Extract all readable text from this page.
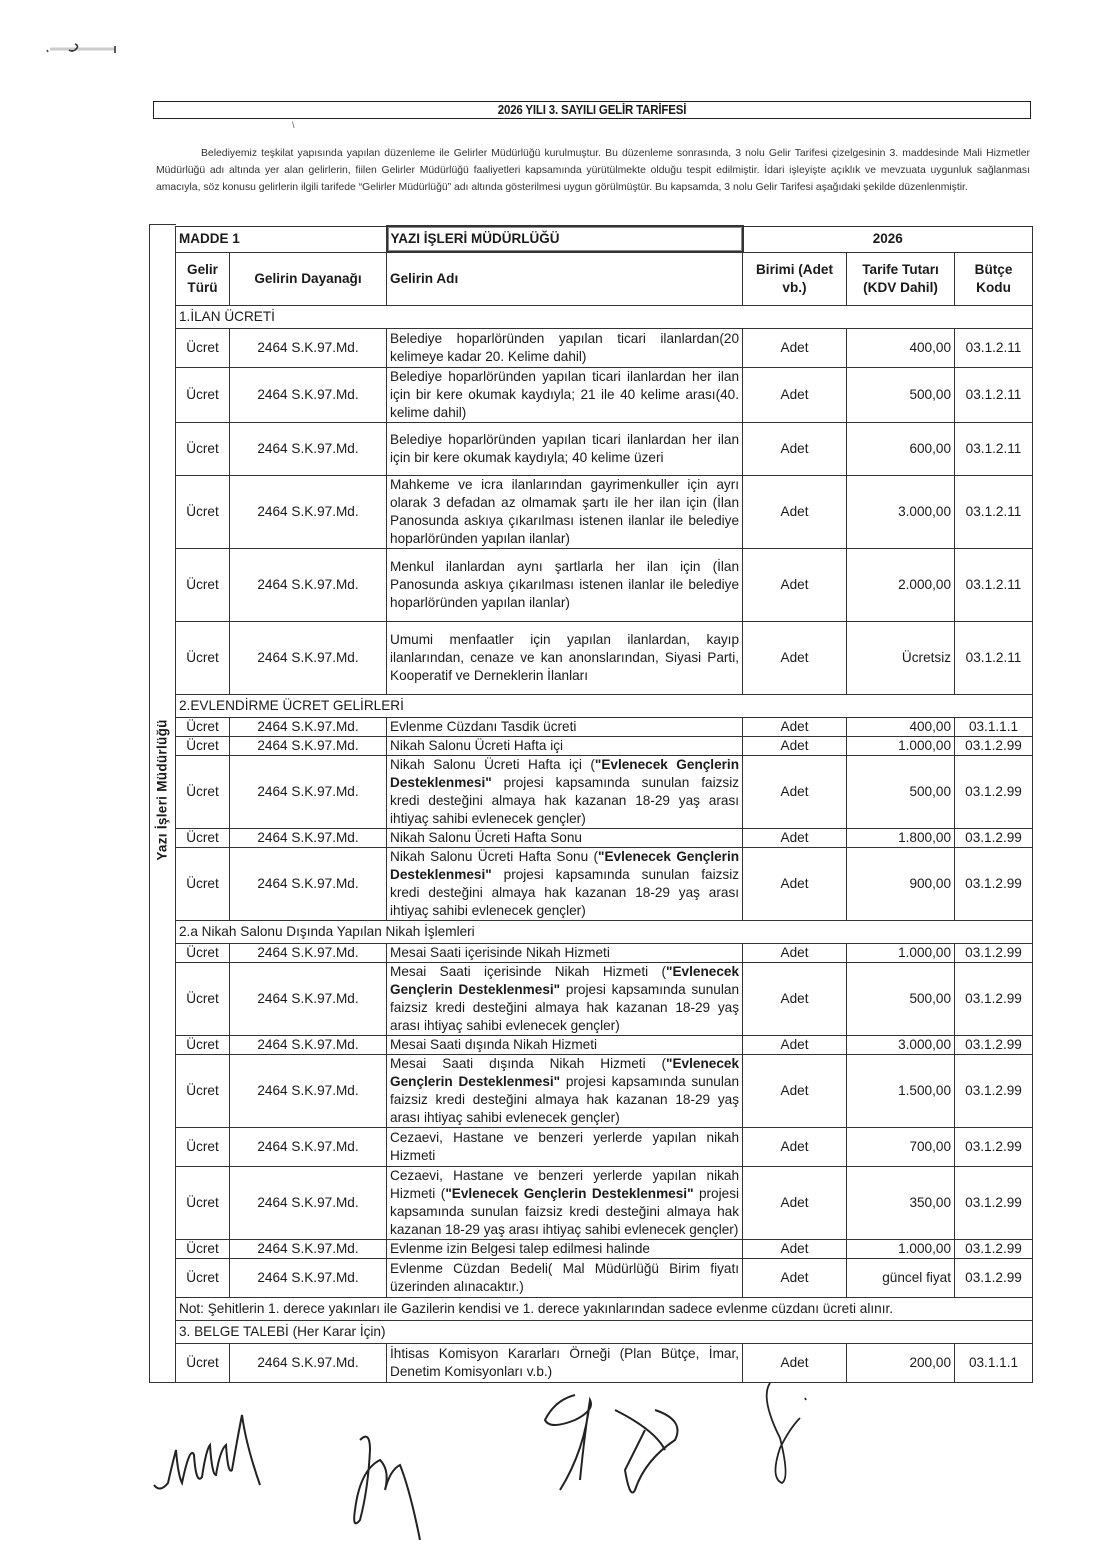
2026 YILI 3. SAYILI GELİR TARİFESİ
\

Belediyemiz teşkilat yapısında yapılan düzenleme ile Gelirler Müdürlüğü kurulmuştur. Bu düzenleme sonrasında, 3 nolu Gelir Tarifesi çizelgesinin 3. maddesinde Mali Hizmetler Müdürlüğü adı altında yer alan gelirlerin, fiilen Gelirler Müdürlüğü faaliyetleri kapsamında yürütülmekte olduğu tespit edilmiştir. İdari işleyişte açıklık ve mevzuata uygunluk sağlanması amacıyla, söz konusu gelirlerin ilgili tarifede “Gelirler Müdürlüğü” adı altında gösterilmesi uygun görülmüştür. Bu kapsamda, 3 nolu Gelir Tarifesi aşağıdaki şekilde düzenlenmiştir.

Yazı İşleri Müdürlüğü
MADDE 1		YAZI İŞLERİ MÜDÜRLÜĞÜ	2026		
Gelir Türü	Gelirin Dayanağı	Gelirin Adı	Birimi (Adet vb.)	Tarife Tutarı (KDV Dahil)	Bütçe Kodu
1.İLAN ÜCRETİ					
Ücret	2464 S.K.97.Md.	Belediye hoparlöründen yapılan ticari ilanlardan(20 kelimeye kadar 20. Kelime dahil)	Adet	400,00	03.1.2.11
Ücret	2464 S.K.97.Md.	Belediye hoparlöründen yapılan ticari ilanlardan her ilan için bir kere okumak kaydıyla; 21 ile 40 kelime arası(40. kelime dahil)	Adet	500,00	03.1.2.11
Ücret	2464 S.K.97.Md.	Belediye hoparlöründen yapılan ticari ilanlardan her ilan için bir kere okumak kaydıyla; 40 kelime üzeri	Adet	600,00	03.1.2.11
Ücret	2464 S.K.97.Md.	Mahkeme ve icra ilanlarından gayrimenkuller için ayrı olarak 3 defadan az olmamak şartı ile her ilan için (İlan Panosunda askıya çıkarılması istenen ilanlar ile belediye hoparlöründen yapılan ilanlar)	Adet	3.000,00	03.1.2.11
Ücret	2464 S.K.97.Md.	Menkul ilanlardan aynı şartlarla her ilan için (İlan Panosunda askıya çıkarılması istenen ilanlar ile belediye hoparlöründen yapılan ilanlar)	Adet	2.000,00	03.1.2.11
Ücret	2464 S.K.97.Md.	Umumi menfaatler için yapılan ilanlardan, kayıp ilanlarından, cenaze ve kan anonslarından, Siyasi Parti, Kooperatif ve Derneklerin İlanları	Adet	Ücretsiz	03.1.2.11
2.EVLENDİRME ÜCRET GELİRLERİ					
Ücret	2464 S.K.97.Md.	Evlenme Cüzdanı Tasdik ücreti	Adet	400,00	03.1.1.1
Ücret	2464 S.K.97.Md.	Nikah Salonu Ücreti Hafta içi	Adet	1.000,00	03.1.2.99
Ücret	2464 S.K.97.Md.	Nikah Salonu Ücreti Hafta içi ("Evlenecek Gençlerin Desteklenmesi" projesi kapsamında sunulan faizsiz kredi desteğini almaya hak kazanan 18-29 yaş arası ihtiyaç sahibi evlenecek gençler)	Adet	500,00	03.1.2.99
Ücret	2464 S.K.97.Md.	Nikah Salonu Ücreti Hafta Sonu	Adet	1.800,00	03.1.2.99
Ücret	2464 S.K.97.Md.	Nikah Salonu Ücreti Hafta Sonu ("Evlenecek Gençlerin Desteklenmesi" projesi kapsamında sunulan faizsiz kredi desteğini almaya hak kazanan 18-29 yaş arası ihtiyaç sahibi evlenecek gençler)	Adet	900,00	03.1.2.99
2.a Nikah Salonu Dışında Yapılan Nikah İşlemleri					
Ücret	2464 S.K.97.Md.	Mesai Saati içerisinde Nikah Hizmeti	Adet	1.000,00	03.1.2.99
Ücret	2464 S.K.97.Md.	Mesai Saati içerisinde Nikah Hizmeti ("Evlenecek Gençlerin Desteklenmesi" projesi kapsamında sunulan faizsiz kredi desteğini almaya hak kazanan 18-29 yaş arası ihtiyaç sahibi evlenecek gençler)	Adet	500,00	03.1.2.99
Ücret	2464 S.K.97.Md.	Mesai Saati dışında Nikah Hizmeti	Adet	3.000,00	03.1.2.99
Ücret	2464 S.K.97.Md.	Mesai Saati dışında Nikah Hizmeti ("Evlenecek Gençlerin Desteklenmesi" projesi kapsamında sunulan faizsiz kredi desteğini almaya hak kazanan 18-29 yaş arası ihtiyaç sahibi evlenecek gençler)	Adet	1.500,00	03.1.2.99
Ücret	2464 S.K.97.Md.	Cezaevi, Hastane ve benzeri yerlerde yapılan nikah Hizmeti	Adet	700,00	03.1.2.99
Ücret	2464 S.K.97.Md.	Cezaevi, Hastane ve benzeri yerlerde yapılan nikah Hizmeti ("Evlenecek Gençlerin Desteklenmesi" projesi kapsamında sunulan faizsiz kredi desteğini almaya hak kazanan 18-29 yaş arası ihtiyaç sahibi evlenecek gençler)	Adet	350,00	03.1.2.99
Ücret	2464 S.K.97.Md.	Evlenme izin Belgesi talep edilmesi halinde	Adet	1.000,00	03.1.2.99
Ücret	2464 S.K.97.Md.	Evlenme Cüzdan Bedeli( Mal Müdürlüğü Birim fiyatı üzerinden alınacaktır.)	Adet	güncel fiyat	03.1.2.99
Not: Şehitlerin 1. derece yakınları ile Gazilerin kendisi ve 1. derece yakınlarından sadece evlenme cüzdanı ücreti alınır.					
3. BELGE TALEBİ (Her Karar İçin)					
Ücret	2464 S.K.97.Md.	İhtisas Komisyon Kararları Örneği (Plan Bütçe, İmar, Denetim Komisyonları v.b.)	Adet	200,00	03.1.1.1
